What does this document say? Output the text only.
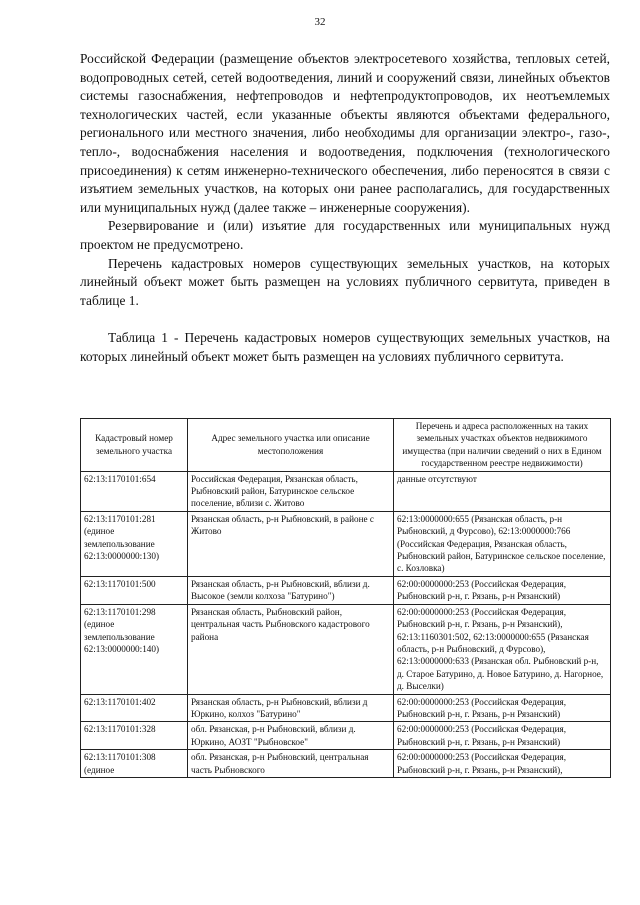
32

Российской Федерации (размещение объектов электросетевого хозяйства, тепловых сетей, водопроводных сетей, сетей водоотведения, линий и сооружений связи, линейных объектов системы газоснабжения, нефтепроводов и нефтепродуктопроводов, их неотъемлемых технологических частей, если указанные объекты являются объектами федерального, регионального или местного значения, либо необходимы для организации электро-, газо-, тепло-, водоснабжения населения и водоотведения, подключения (технологического присоединения) к сетям инженерно-технического обеспечения, либо переносятся в связи с изъятием земельных участков, на которых они ранее располагались, для государственных или муниципальных нужд (далее также – инженерные сооружения).

Резервирование и (или) изъятие для государственных или муниципальных нужд проектом не предусмотрено.

Перечень кадастровых номеров существующих земельных участков, на которых линейный объект может быть размещен на условиях публичного сервитута, приведен в таблице 1.

Таблица 1 - Перечень кадастровых номеров существующих земельных участков, на которых линейный объект может быть размещен на условиях публичного сервитута.

Кадастровый номер земельного участка	Адрес земельного участка или описание местоположения	Перечень и адреса расположенных на таких земельных участках объектов недвижимого имущества (при наличии сведений о них в Едином государственном реестре недвижимости)
62:13:1170101:654	Российская Федерация, Рязанская область, Рыбновский район, Батуринское сельское поселение, вблизи с. Житово	данные отсутствуют
62:13:1170101:281 (единое землепользование 62:13:0000000:130)	Рязанская область, р-н Рыбновский, в районе с Житово	62:13:0000000:655 (Рязанская область, р-н Рыбновский, д Фурсово), 62:13:0000000:766 (Российская Федерация, Рязанская область, Рыбновский район, Батуринское сельское поселение, с. Козловка)
62:13:1170101:500	Рязанская область, р-н Рыбновский, вблизи д. Высокое (земли колхоза "Батурино")	62:00:0000000:253 (Российская Федерация, Рыбновский р-н, г. Рязань, р-н Рязанский)
62:13:1170101:298 (единое землепользование 62:13:0000000:140)	Рязанская область, Рыбновский район, центральная часть Рыбновского кадастрового района	62:00:0000000:253 (Российская Федерация, Рыбновский р-н, г. Рязань, р-н Рязанский), 62:13:1160301:502, 62:13:0000000:655 (Рязанская область, р-н Рыбновский, д Фурсово), 62:13:0000000:633 (Рязанская обл. Рыбновский р-н, д. Старое Батурино, д. Новое Батурино, д. Нагорное, д. Выселки)
62:13:1170101:402	Рязанская область, р-н Рыбновский, вблизи д Юркино, колхоз "Батурино"	62:00:0000000:253 (Российская Федерация, Рыбновский р-н, г. Рязань, р-н Рязанский)
62:13:1170101:328	обл. Рязанская, р-н Рыбновский, вблизи д. Юркино, АОЗТ "Рыбновское"	62:00:0000000:253 (Российская Федерация, Рыбновский р-н, г. Рязань, р-н Рязанский)
62:13:1170101:308 (единое	обл. Рязанская, р-н Рыбновский, центральная часть Рыбновского	62:00:0000000:253 (Российская Федерация, Рыбновский р-н, г. Рязань, р-н Рязанский),
